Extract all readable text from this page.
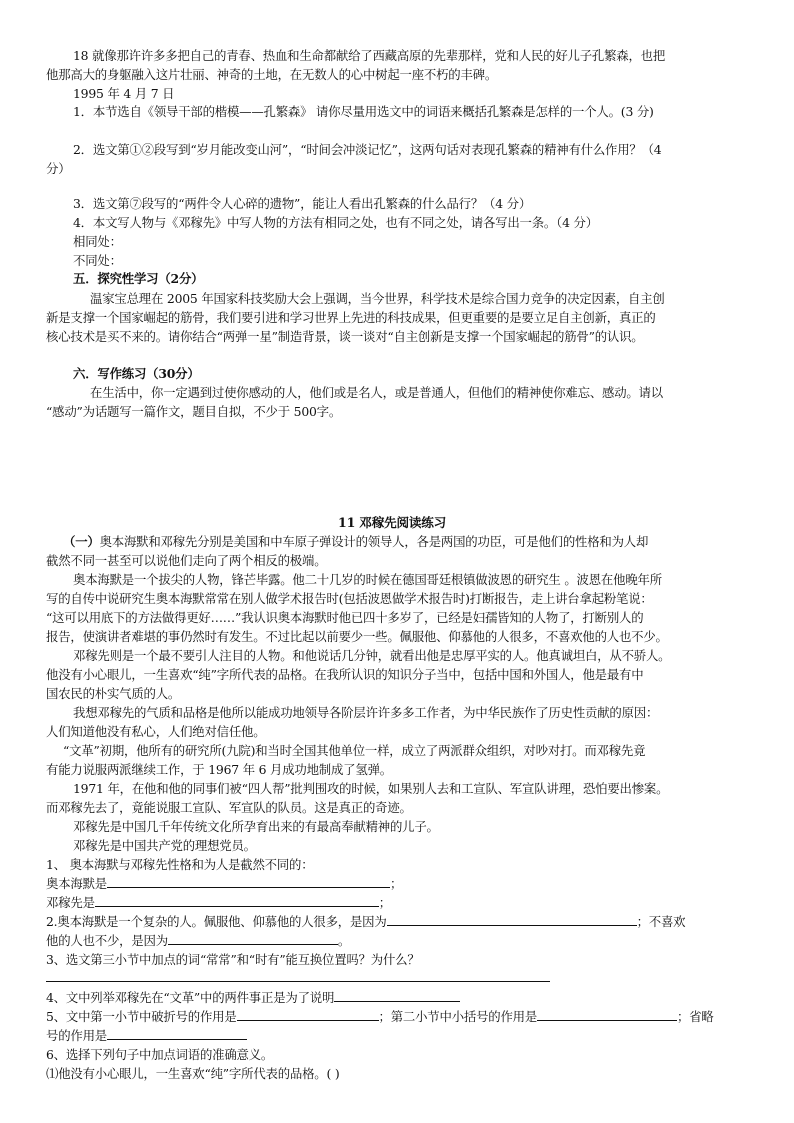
18 就像那许许多多把自己的青春、热血和生命都献给了西藏高原的先辈那样，党和人民的好儿子孔繁森，也把
他那高大的身躯融入这片壮丽、神奇的土地，在无数人的心中树起一座不朽的丰碑。
1995 年 4 月 7 日
1．本节选自《领导干部的楷模——孔繁森》 请你尽量用选文中的词语来概括孔繁森是怎样的一个人。(3 分)
2．选文第①②段写到“岁月能改变山河”，“时间会冲淡记忆”，这两句话对表现孔繁森的精神有什么作用？（4
分）
3．选文第⑦段写的“两件令人心碎的遗物”，能让人看出孔繁森的什么品行？（4 分）
4．本文写人物与《邓稼先》中写人物的方法有相同之处，也有不同之处，请各写出一条。（4 分）
相同处：
不同处：
五．探究性学习（2分）
温家宝总理在 2005 年国家科技奖励大会上强调，当今世界，科学技术是综合国力竞争的决定因素，自主创
新是支撑一个国家崛起的筋骨，我们要引进和学习世界上先进的科技成果，但更重要的是要立足自主创新，真正的
核心技术是买不来的。请你结合“两弹一星”制造背景，谈一谈对“自主创新是支撑一个国家崛起的筋骨”的认识。
六．写作练习（30分）
在生活中，你一定遇到过使你感动的人，他们或是名人，或是普通人，但他们的精神使你难忘、感动。请以
“感动”为话题写一篇作文，题目自拟，不少于 500字。
11 邓稼先阅读练习
（一）奥本海默和邓稼先分别是美国和中车原子弹设计的领导人，各是两国的功臣，可是他们的性格和为人却
截然不同一甚至可以说他们走向了两个相反的极端。
奥本海默是一个拔尖的人物，锋芒毕露。他二十几岁的时候在德国哥廷根镇做波恩的研究生 。波恩在他晚年所
写的自传中说研究生奥本海默常常在别人做学术报告时(包括波恩做学术报告时)打断报告，走上讲台拿起粉笔说：
“这可以用底下的方法做得更好……”我认识奥本海默时他已四十多岁了，已经是妇孺皆知的人物了，打断别人的
报告，使演讲者难堪的事仍然时有发生。不过比起以前要少一些。佩服他、仰慕他的人很多，不喜欢他的人也不少。
邓稼先则是一个最不要引人注目的人物。和他说话几分钟，就看出他是忠厚平实的人。他真诚坦白，从不骄人。
他没有小心眼儿，一生喜欢“纯”字所代表的品格。在我所认识的知识分子当中，包括中国和外国人，他是最有中
国农民的朴实气质的人。
我想邓稼先的气质和品格是他所以能成功地领导各阶层许许多多工作者，为中华民族作了历史性贡献的原因：
人们知道他没有私心，人们绝对信任他。
“文革”初期，他所有的研究所(九院)和当时全国其他单位一样，成立了两派群众组织，对吵对打。而邓稼先竟
有能力说服两派继续工作，于 1967 年 6 月成功地制成了氢弹。
1971 年，在他和他的同事们被“四人帮”批判围攻的时候，如果别人去和工宣队、军宣队讲理，恐怕要出惨案。
而邓稼先去了，竟能说服工宣队、军宣队的队员。这是真正的奇迹。
邓稼先是中国几千年传统文化所孕育出来的有最高奉献精神的儿子。
邓稼先是中国共产党的理想党员。
1、 奥本海默与邓稼先性格和为人是截然不同的：
奥本海默是	；
邓稼先是	；
2.奥本海默是一个复杂的人。佩服他、仰慕他的人很多，是因为	；不喜欢
他的人也不少，是因为	。
3、选文第三小节中加点的词“常常”和“时有”能互换位置吗？为什么？
4、文中列举邓稼先在“文革”中的两件事正是为了说明
5、文中第一小节中破折号的作用是	；第二小节中小括号的作用是	；省略
号的作用是
6、选择下列句子中加点词语的准确意义。
⑴他没有小心眼儿，一生喜欢“纯”字所代表的品格。( )
